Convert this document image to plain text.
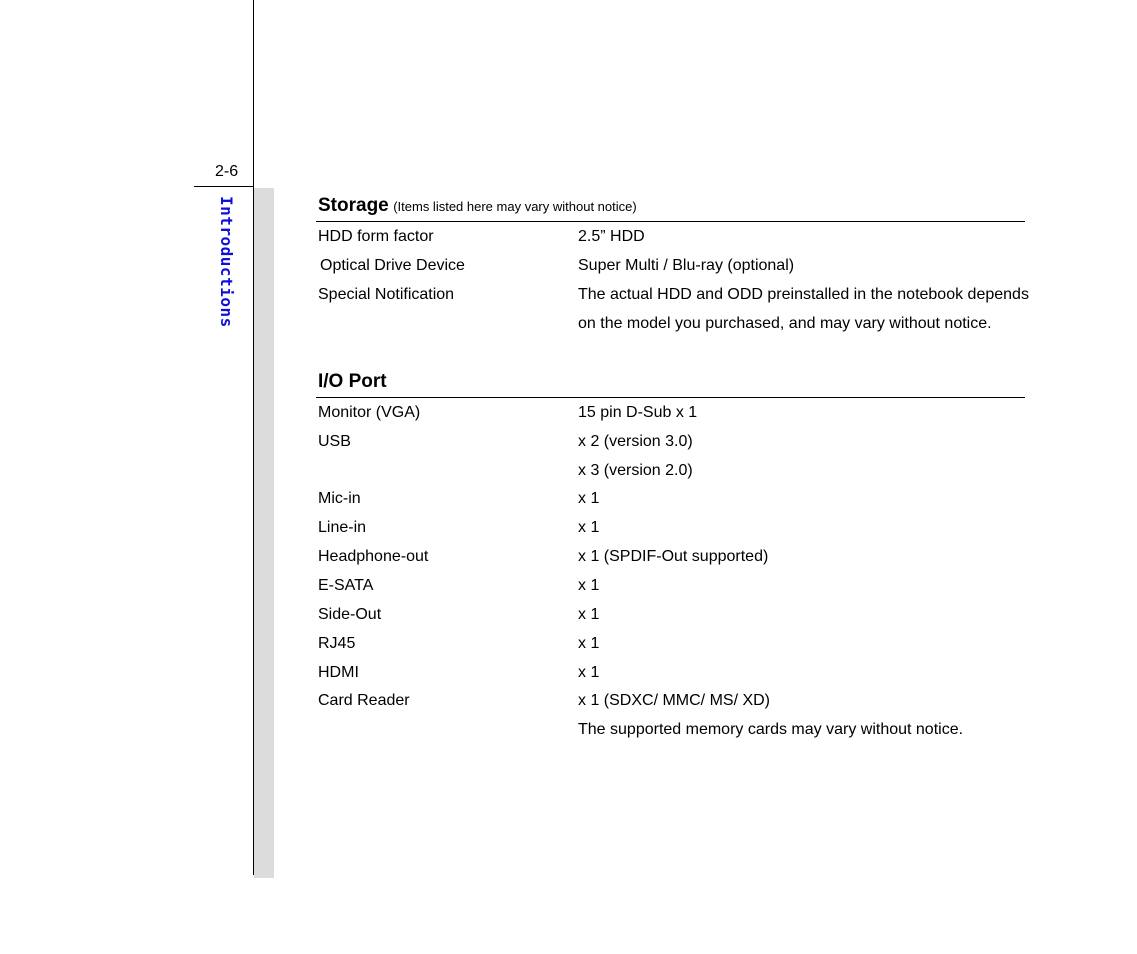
2-6
Introductions	Storage (Items listed here may vary without notice)
HDD form factor	2.5” HDD
Optical Drive Device	Super Multi / Blu-ray (optional)
Special Notification	The actual HDD and ODD preinstalled in the notebook depends
on the model you purchased, and may vary without notice.
I/O Port
Monitor (VGA)	15 pin D-Sub x 1
USB	x 2 (version 3.0)
x 3 (version 2.0)
Mic-in	x 1
Line-in	x 1
Headphone-out	x 1 (SPDIF-Out supported)
E-SATA	x 1
Side-Out	x 1
RJ45	x 1
HDMI	x 1
Card Reader	x 1 (SDXC/ MMC/ MS/ XD)
The supported memory cards may vary without notice.
